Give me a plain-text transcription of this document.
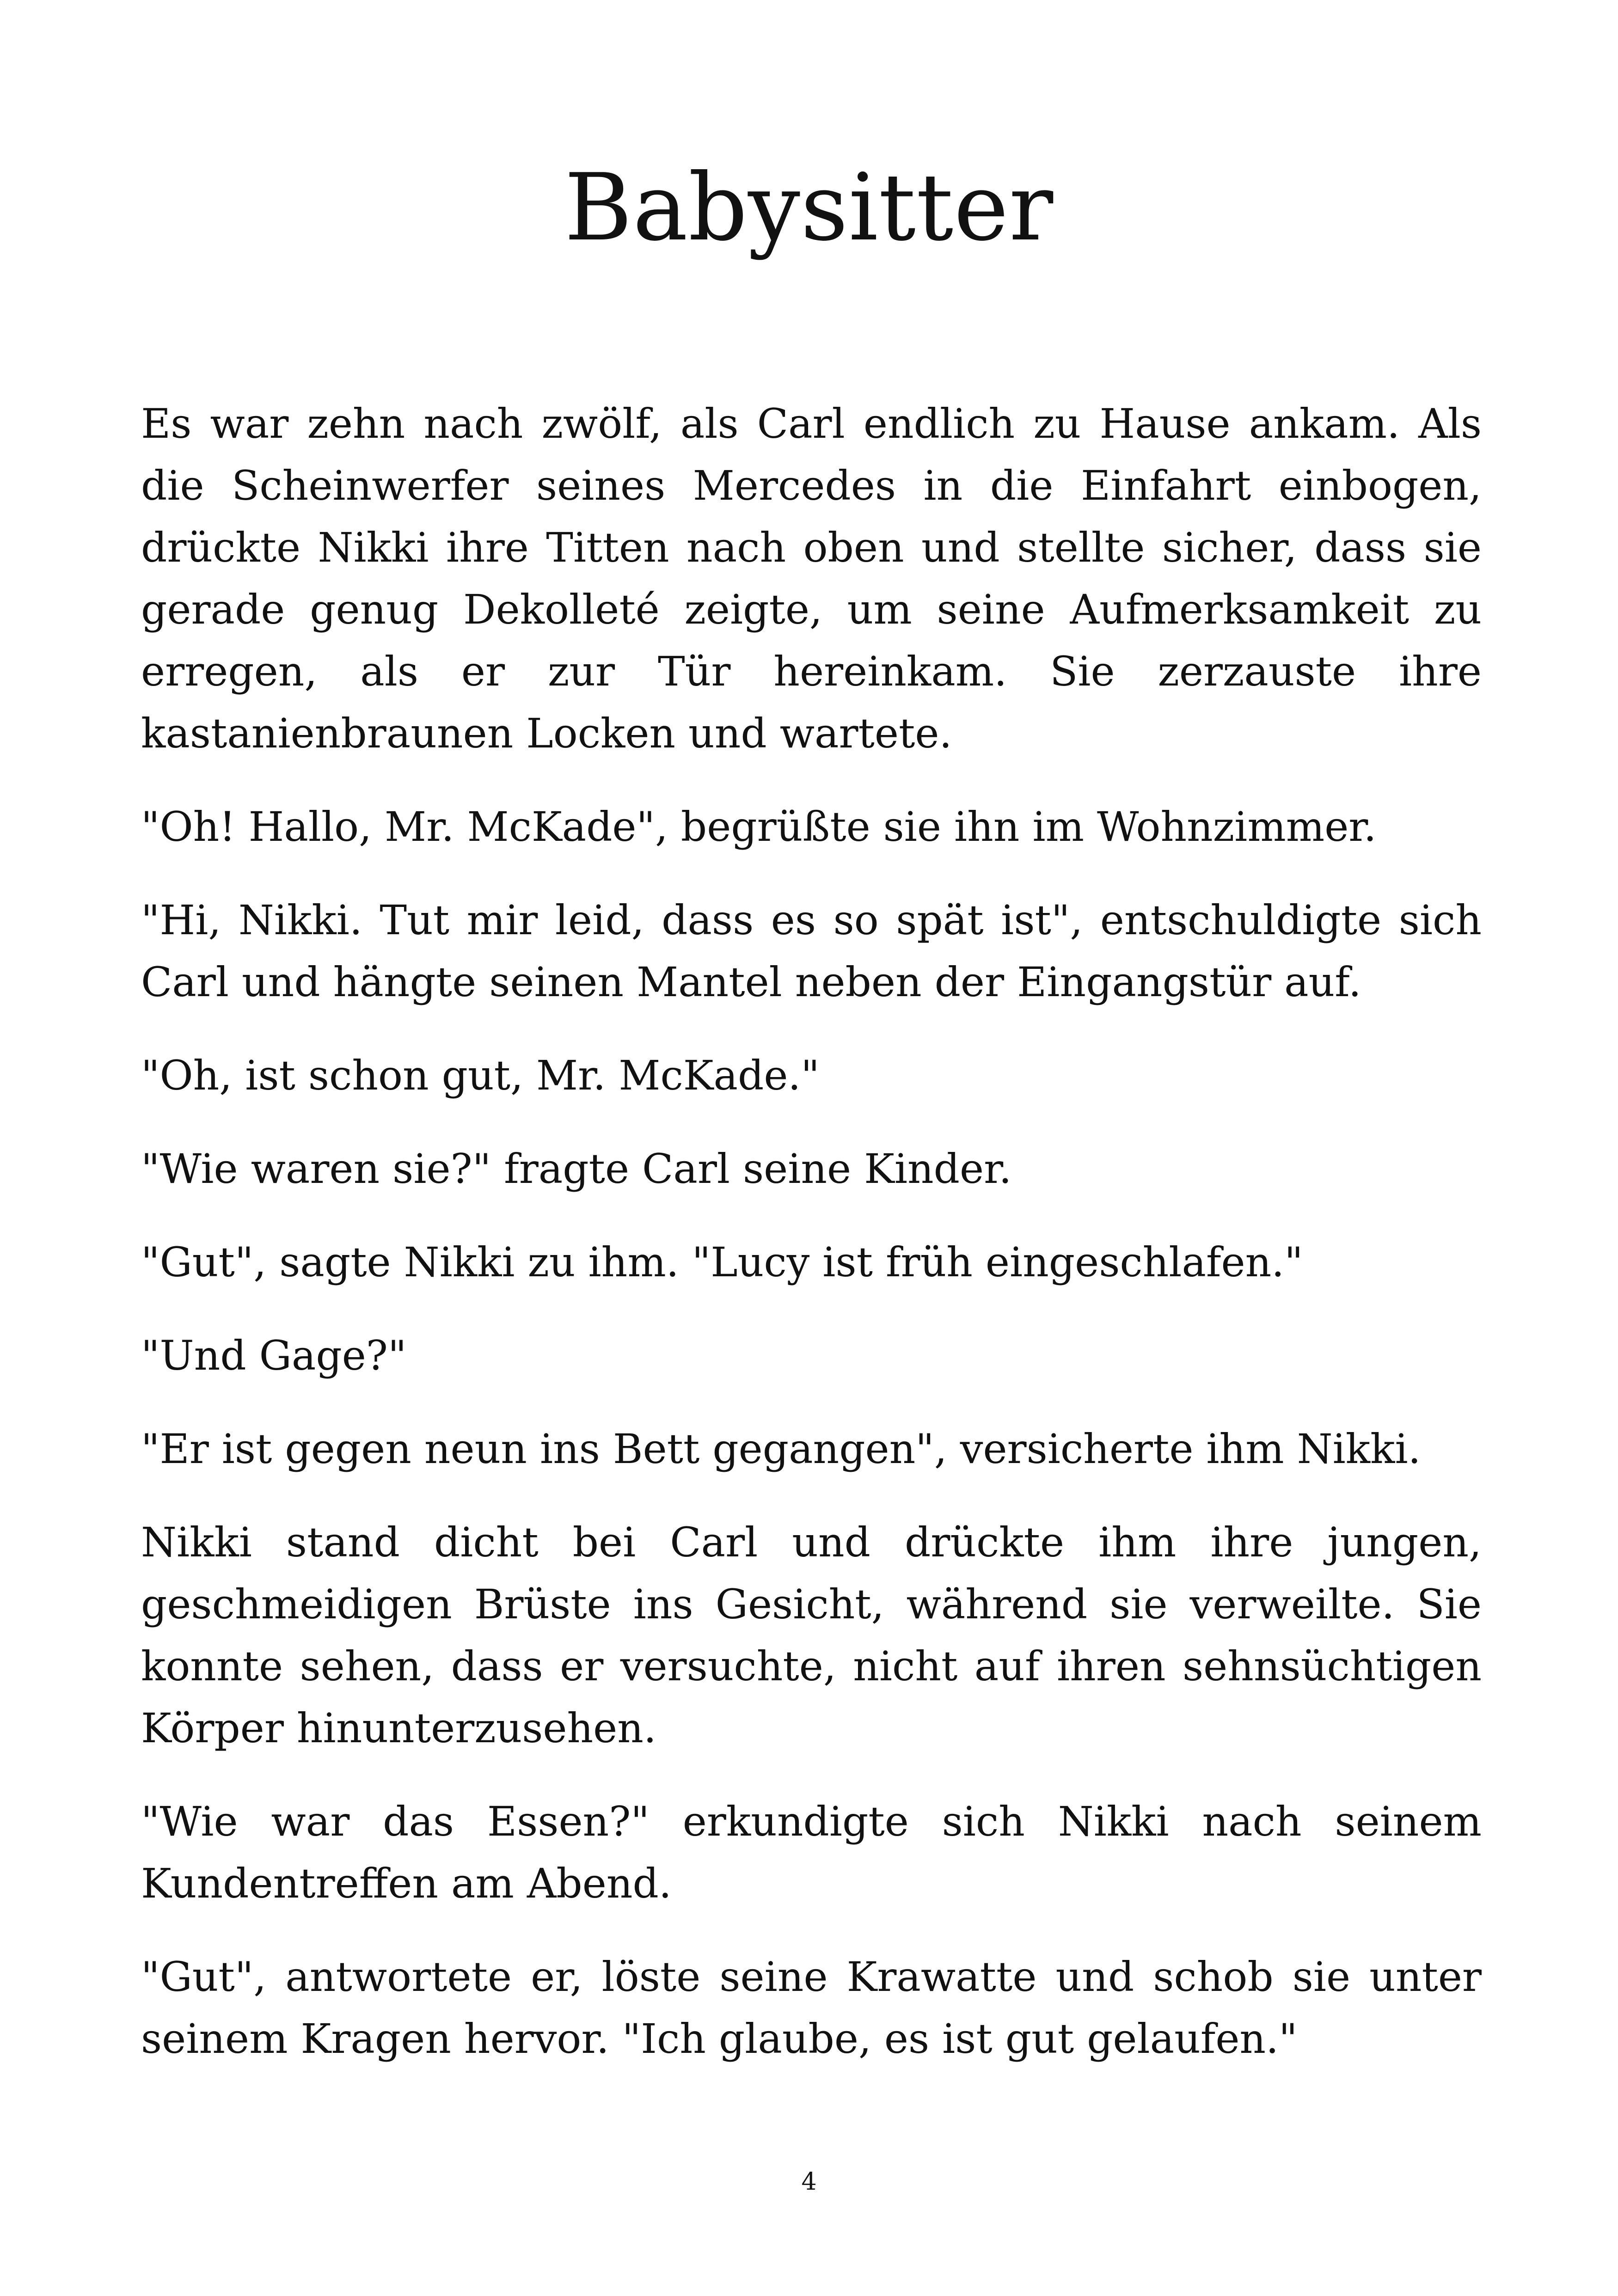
Babysitter

Es war zehn nach zwölf, als Carl endlich zu Hause ankam. Als die Scheinwerfer seines Mercedes in die Einfahrt einbogen, drückte Nikki ihre Titten nach oben und stellte sicher, dass sie gerade genug Dekolleté zeigte, um seine Aufmerksamkeit zu erregen, als er zur Tür hereinkam. Sie zerzauste ihre kastanienbraunen Locken und wartete.

"Oh! Hallo, Mr. McKade", begrüßte sie ihn im Wohnzimmer.

"Hi, Nikki. Tut mir leid, dass es so spät ist", entschuldigte sich Carl und hängte seinen Mantel neben der Eingangstür auf.

"Oh, ist schon gut, Mr. McKade."

"Wie waren sie?" fragte Carl seine Kinder.

"Gut", sagte Nikki zu ihm. "Lucy ist früh eingeschlafen."

"Und Gage?"

"Er ist gegen neun ins Bett gegangen", versicherte ihm Nikki.

Nikki stand dicht bei Carl und drückte ihm ihre jungen, geschmeidigen Brüste ins Gesicht, während sie verweilte. Sie konnte sehen, dass er versuchte, nicht auf ihren sehnsüchtigen Körper hinunterzusehen.

"Wie war das Essen?" erkundigte sich Nikki nach seinem Kundentreffen am Abend.

"Gut", antwortete er, löste seine Krawatte und schob sie unter seinem Kragen hervor. "Ich glaube, es ist gut gelaufen."

4
